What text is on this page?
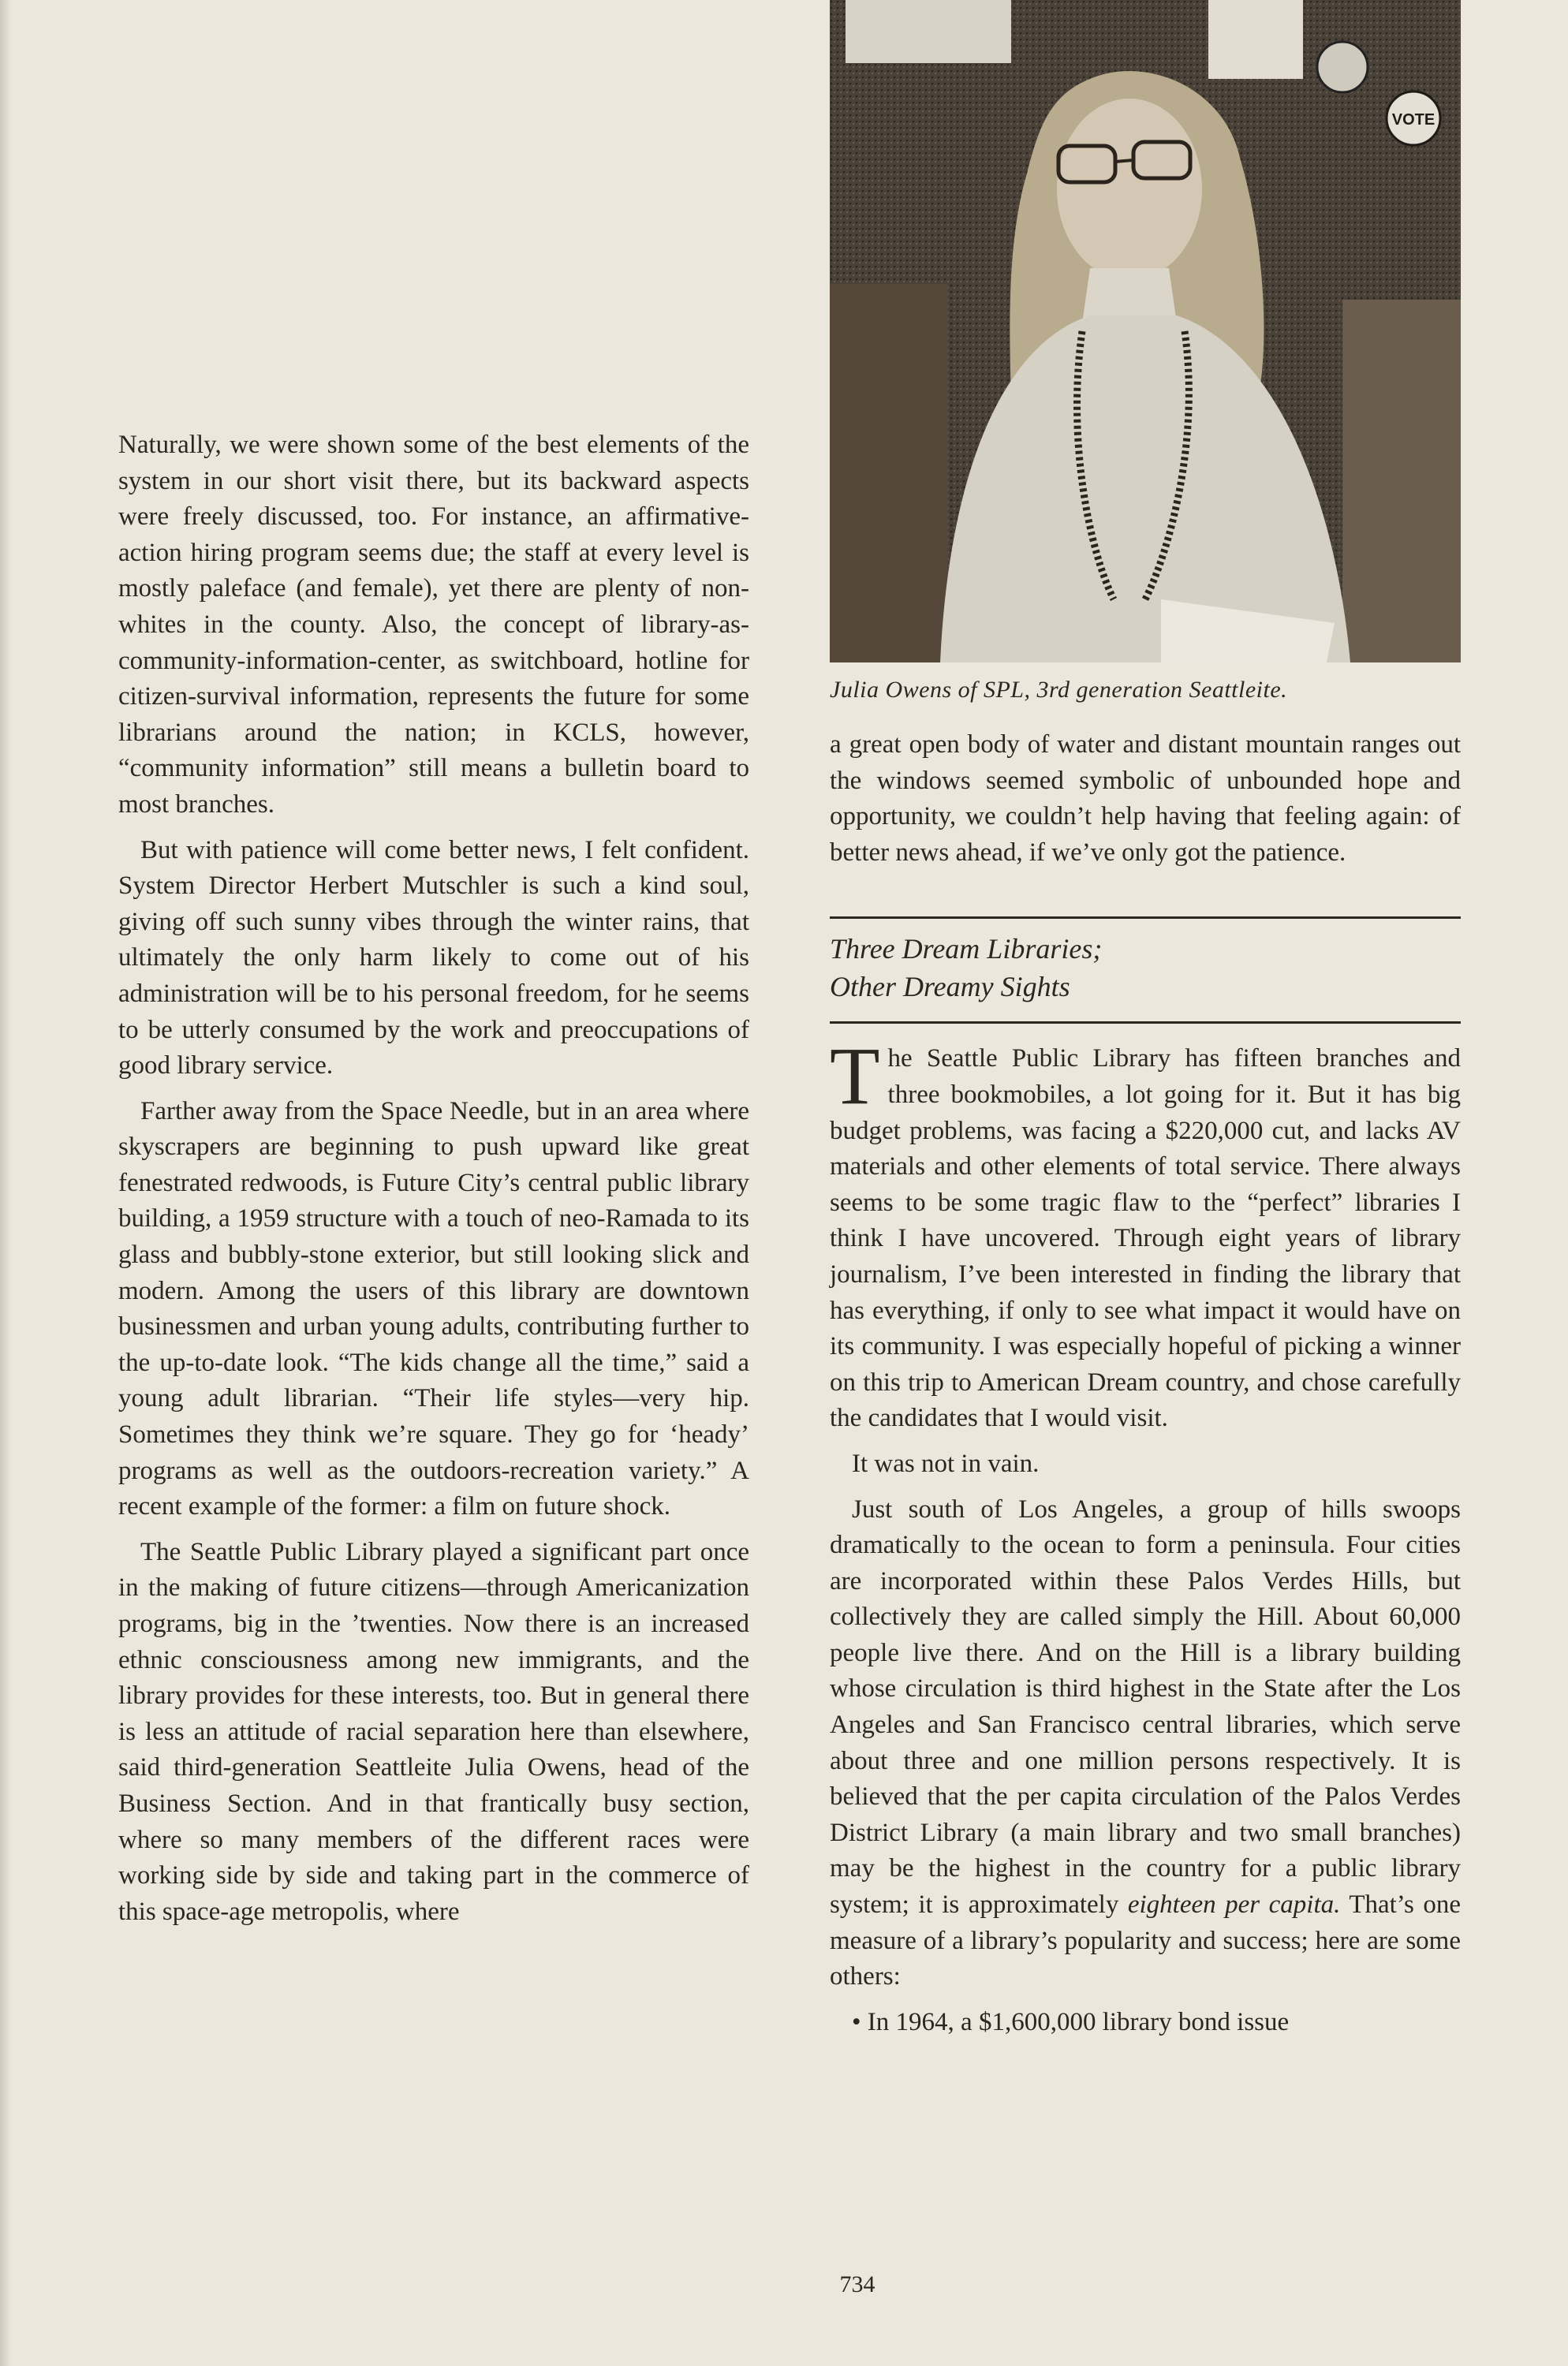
Naturally, we were shown some of the best elements of the system in our short visit there, but its backward aspects were freely discussed, too. For instance, an affirmative-action hiring program seems due; the staff at every level is mostly paleface (and female), yet there are plenty of non-whites in the county. Also, the concept of library-as-community-information-center, as switchboard, hotline for citizen-survival information, represents the future for some librarians around the nation; in KCLS, however, “community information” still means a bulletin board to most branches.

But with patience will come better news, I felt confident. System Director Herbert Mutschler is such a kind soul, giving off such sunny vibes through the winter rains, that ultimately the only harm likely to come out of his administration will be to his personal freedom, for he seems to be utterly consumed by the work and preoccupations of good library service.

Farther away from the Space Needle, but in an area where skyscrapers are beginning to push upward like great fenestrated redwoods, is Future City’s central public library building, a 1959 structure with a touch of neo-Ramada to its glass and bubbly-stone exterior, but still looking slick and modern. Among the users of this library are downtown businessmen and urban young adults, contributing further to the up-to-date look. “The kids change all the time,” said a young adult librarian. “Their life styles—very hip. Sometimes they think we’re square. They go for ‘heady’ programs as well as the outdoors-recreation variety.” A recent example of the former: a film on future shock.

The Seattle Public Library played a significant part once in the making of future citizens—through Americanization programs, big in the ’twenties. Now there is an increased ethnic consciousness among new immigrants, and the library provides for these interests, too. But in general there is less an attitude of racial separation here than elsewhere, said third-generation Seattleite Julia Owens, head of the Business Section. And in that frantically busy section, where so many members of the different races were working side by side and taking part in the commerce of this space-age metropolis, where

VOTE
Julia Owens of SPL, 3rd generation Seattleite.

a great open body of water and distant mountain ranges out the windows seemed symbolic of unbounded hope and opportunity, we couldn’t help having that feeling again: of better news ahead, if we’ve only got the patience.

Three Dream Libraries;
Other Dreamy Sights

The Seattle Public Library has fifteen branches and three bookmobiles, a lot going for it. But it has big budget problems, was facing a $220,000 cut, and lacks AV materials and other elements of total service. There always seems to be some tragic flaw to the “perfect” libraries I think I have uncovered. Through eight years of library journalism, I’ve been interested in finding the library that has everything, if only to see what impact it would have on its community. I was especially hopeful of picking a winner on this trip to American Dream country, and chose carefully the candidates that I would visit.

It was not in vain.

Just south of Los Angeles, a group of hills swoops dramatically to the ocean to form a peninsula. Four cities are incorporated within these Palos Verdes Hills, but collectively they are called simply the Hill. About 60,000 people live there. And on the Hill is a library building whose circulation is third highest in the State after the Los Angeles and San Francisco central libraries, which serve about three and one million persons respectively. It is believed that the per capita circulation of the Palos Verdes District Library (a main library and two small branches) may be the highest in the country for a public library system; it is approximately eighteen per capita. That’s one measure of a library’s popularity and success; here are some others:

• In 1964, a $1,600,000 library bond issue

734
